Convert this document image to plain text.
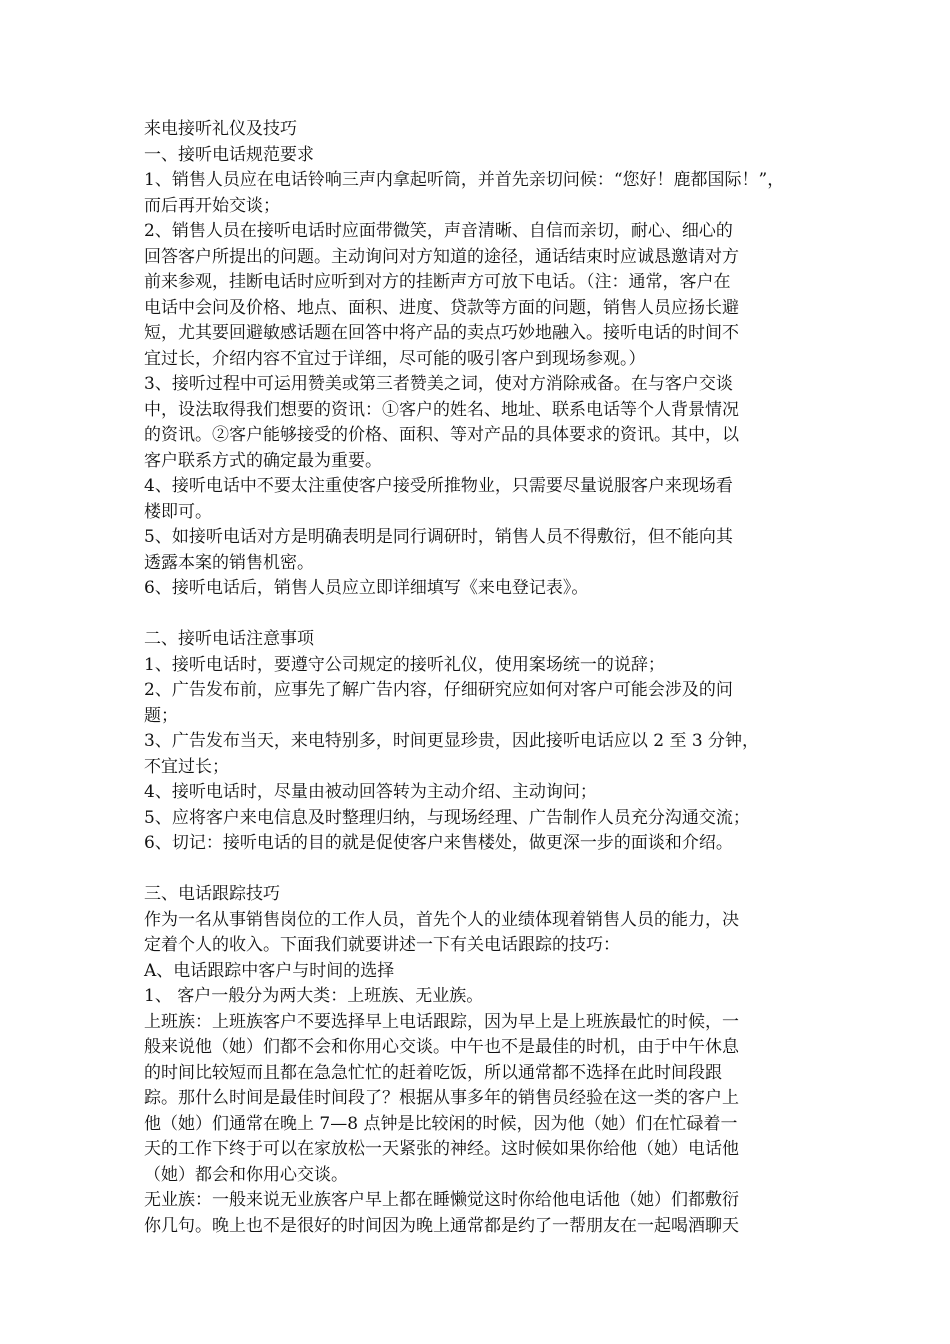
来电接听礼仪及技巧
一、接听电话规范要求
1、销售人员应在电话铃响三声内拿起听筒，并首先亲切问候：“您好！鹿都国际！”，
而后再开始交谈；
2、销售人员在接听电话时应面带微笑，声音清晰、自信而亲切，耐心、细心的
回答客户所提出的问题。主动询问对方知道的途径，通话结束时应诚恳邀请对方
前来参观，挂断电话时应听到对方的挂断声方可放下电话。（注：通常，客户在
电话中会问及价格、地点、面积、进度、贷款等方面的问题，销售人员应扬长避
短，尤其要回避敏感话题在回答中将产品的卖点巧妙地融入。接听电话的时间不
宜过长，介绍内容不宜过于详细，尽可能的吸引客户到现场参观。）
3、接听过程中可运用赞美或第三者赞美之词，使对方消除戒备。在与客户交谈
中，设法取得我们想要的资讯：①客户的姓名、地址、联系电话等个人背景情况
的资讯。②客户能够接受的价格、面积、等对产品的具体要求的资讯。其中，以
客户联系方式的确定最为重要。
4、接听电话中不要太注重使客户接受所推物业，只需要尽量说服客户来现场看
楼即可。
5、如接听电话对方是明确表明是同行调研时，销售人员不得敷衍，但不能向其
透露本案的销售机密。
6、接听电话后，销售人员应立即详细填写《来电登记表》。
二、接听电话注意事项
1、接听电话时，要遵守公司规定的接听礼仪，使用案场统一的说辞；
2、广告发布前，应事先了解广告内容，仔细研究应如何对客户可能会涉及的问
题；
3、广告发布当天，来电特别多，时间更显珍贵，因此接听电话应以 2 至 3 分钟，
不宜过长；
4、接听电话时，尽量由被动回答转为主动介绍、主动询问；
5、应将客户来电信息及时整理归纳，与现场经理、广告制作人员充分沟通交流；
6、切记：接听电话的目的就是促使客户来售楼处，做更深一步的面谈和介绍。
三、电话跟踪技巧
作为一名从事销售岗位的工作人员，首先个人的业绩体现着销售人员的能力，决
定着个人的收入。下面我们就要讲述一下有关电话跟踪的技巧：
A、电话跟踪中客户与时间的选择
1、 客户一般分为两大类：上班族、无业族。
上班族：上班族客户不要选择早上电话跟踪，因为早上是上班族最忙的时候，一
般来说他（她）们都不会和你用心交谈。中午也不是最佳的时机，由于中午休息
的时间比较短而且都在急急忙忙的赶着吃饭，所以通常都不选择在此时间段跟
踪。那什么时间是最佳时间段了？根据从事多年的销售员经验在这一类的客户上
他（她）们通常在晚上 7—8 点钟是比较闲的时候，因为他（她）们在忙碌着一
天的工作下终于可以在家放松一天紧张的神经。这时候如果你给他（她）电话他
（她）都会和你用心交谈。
无业族：一般来说无业族客户早上都在睡懒觉这时你给他电话他（她）们都敷衍
你几句。晚上也不是很好的时间因为晚上通常都是约了一帮朋友在一起喝酒聊天
